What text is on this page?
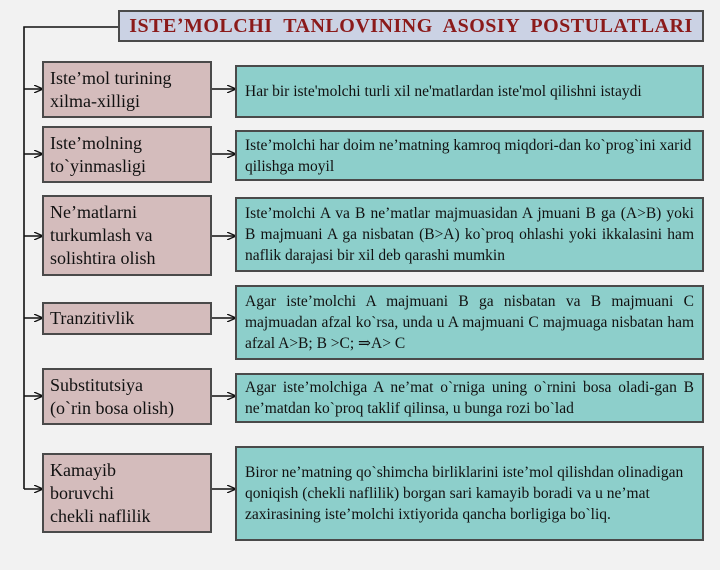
ISTEʼMOLCHI  TANLOVINING  ASOSIY  POSTULATLARI
Isteʼmol turining
xilma-xilligi	Har bir iste'molchi turli xil ne'matlardan iste'mol qilishni istaydi
Isteʼmolning
to`yinmasligi
Isteʼmolchi har doim neʼmatning kamroq miqdori-dan ko`prog`ini xarid qilishga moyil
Neʼmatlarni
turkumlash va
solishtira olish
Isteʼmolchi A va B neʼmatlar majmuasidan A jmuani B ga (A>B) yoki B majmuani A ga nisbatan (B>A) ko`proq ohlashi yoki ikkalasini ham naflik darajasi bir xil deb qarashi mumkin
Tranzitivlik
Agar isteʼmolchi A majmuani B ga nisbatan va B majmuani C majmuadan afzal ko`rsa, unda u A majmuani C majmuaga nisbatan ham afzal A>B; B >C; ⇒A> C
Substitutsiya
(o`rin bosa olish)
Agar isteʼmolchiga A neʼmat o`rniga uning o`rnini bosa oladi-gan B neʼmatdan ko`proq taklif qilinsa, u bunga rozi bo`lad
Kamayib
boruvchi
chekli naflilik
Biror neʼmatning qo`shimcha birliklarini isteʼmol qilishdan olinadigan qoniqish (chekli naflilik) borgan sari kamayib boradi va u neʼmat zaxirasining isteʼmolchi ixtiyorida qancha borligiga bo`liq.
